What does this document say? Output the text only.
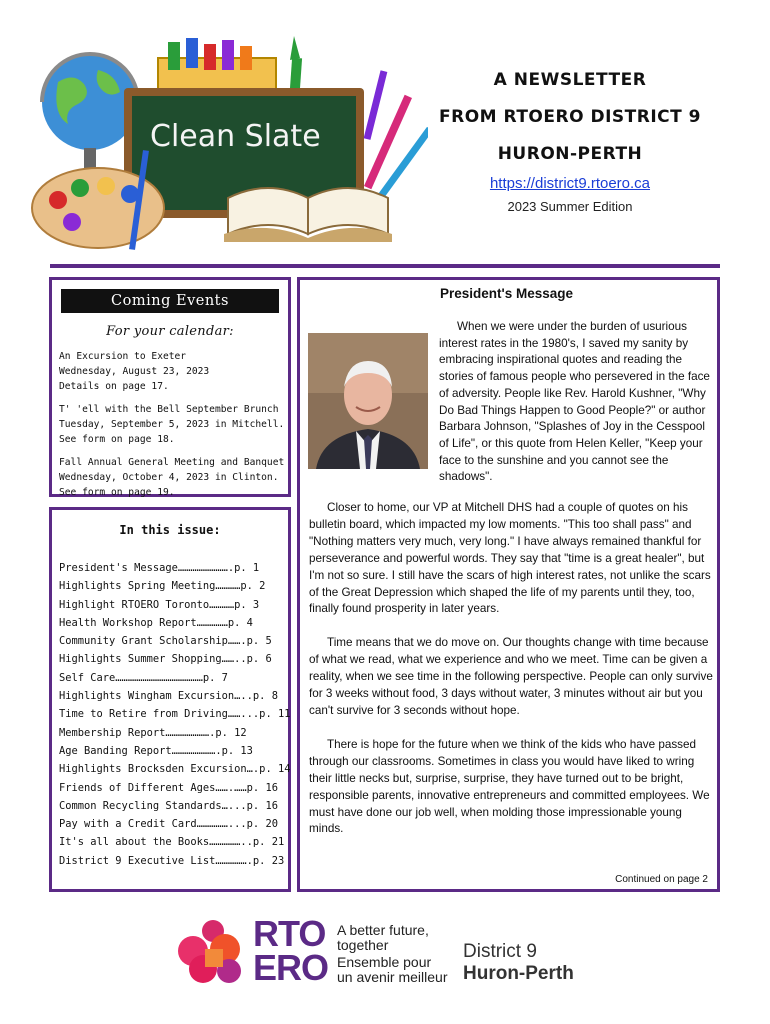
Clean Slate
A NEWSLETTER
FROM RTOERO DISTRICT 9
HURON-PERTH
https://district9.rtoero.ca
2023 Summer Edition
Coming Events
For your calendar:
An Excursion to Exeter
Wednesday, August 23, 2023
Details on page 17.
T' 'ell with the Bell September Brunch
Tuesday, September 5, 2023 in Mitchell.
See form on page 18.
Fall Annual General Meeting and Banquet
Wednesday, October 4, 2023 in Clinton.
See form on page 19.
In this issue:
President's Message…………………….p. 1
Highlights Spring Meeting…………p. 2
Highlight RTOERO Toronto…………p. 3
Health Workshop Report……………p. 4
Community Grant Scholarship…….p. 5
Highlights Summer Shopping……..p. 6
Self Care……………………………………p. 7
Highlights Wingham Excursion…..p. 8
Time to Retire from Driving……...p. 11
Membership Report………………….p. 12
Age Banding Report………………….p. 13
Highlights Brocksden Excursion….p. 14
Friends of Different Ages…….……p. 16
Common Recycling Standards…...p. 16
Pay with a Credit Card……………...p. 20
It's all about the Books……………..p. 21
District 9 Executive List…………….p. 23
President's Message
When we were under the burden of usurious interest rates in the 1980's, I saved my sanity by embracing inspirational quotes and reading the stories of famous people who persevered in the face of adversity. People like Rev. Harold Kushner, "Why Do Bad Things Happen to Good People?" or author Barbara Johnson, "Splashes of Joy in the Cesspool of Life", or this quote from Helen Keller, "Keep your face to the sunshine and you cannot see the shadows".

Closer to home, our VP at Mitchell DHS had a couple of quotes on his bulletin board, which impacted my low moments. "This too shall pass" and "Nothing matters very much, very long." I have always remained thankful for perseverance and powerful words. They say that "time is a great healer", but I'm not so sure. I still have the scars of high interest rates, not unlike the scars of the Great Depression which shaped the life of my parents until they, too, finally found prosperity in later years.

Time means that we do move on. Our thoughts change with time because of what we read, what we experience and who we meet. Time can be given a reality, when we see time in the following perspective. People can only survive for 3 weeks without food, 3 days without water, 3 minutes without air but you can't survive for 3 seconds without hope.

There is hope for the future when we think of the kids who have passed through our classrooms. Sometimes in class you would have liked to wring their little necks but, surprise, surprise, they have turned out to be bright, responsible parents, innovative entrepreneurs and committed employees. We must have done our job well, when molding those impressionable young minds.

Continued on page 2
RTO
ERO
A better future,
together
Ensemble pour
un avenir meilleur
District 9
Huron-Perth
